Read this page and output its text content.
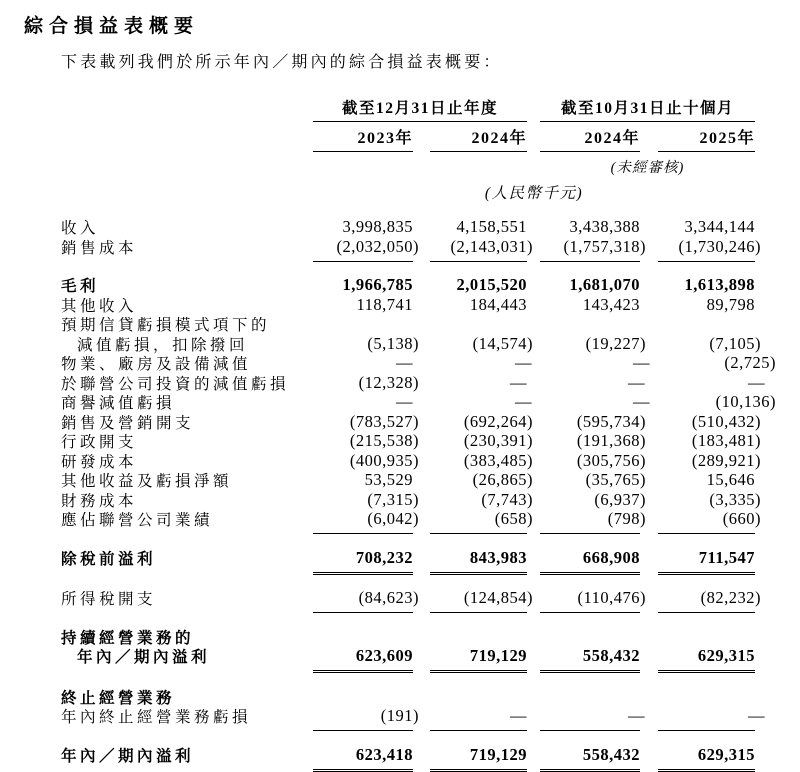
綜合損益表概要

下表載列我們於所示年內／期內的綜合損益表概要：

截至12月31日止年度	截至10月31日止十個月
2023年	2024年	2024年	2025年
(未經審核)
(人民幣千元)
收入	3,998,835	4,158,551	3,438,388	3,344,144
銷售成本	(2,032,050)	(2,143,031)	(1,757,318)	(1,730,246)
毛利	1,966,785	2,015,520	1,681,070	1,613,898
其他收入	118,741	184,443	143,423	89,798
預期信貸虧損模式項下的
減值虧損，扣除撥回	(5,138)	(14,574)	(19,227)	(7,105)
物業、廠房及設備減值	—	—	—	(2,725)
於聯營公司投資的減值虧損	(12,328)	—	—	—
商譽減值虧損	—	—	—	(10,136)
銷售及營銷開支	(783,527)	(692,264)	(595,734)	(510,432)
行政開支	(215,538)	(230,391)	(191,368)	(183,481)
研發成本	(400,935)	(383,485)	(305,756)	(289,921)
其他收益及虧損淨額	53,529	(26,865)	(35,765)	15,646
財務成本	(7,315)	(7,743)	(6,937)	(3,335)
應佔聯營公司業績	(6,042)	(658)	(798)	(660)
除稅前溢利	708,232	843,983	668,908	711,547
所得稅開支	(84,623)	(124,854)	(110,476)	(82,232)
持續經營業務的
年內／期內溢利	623,609	719,129	558,432	629,315
終止經營業務
年內終止經營業務虧損	(191)	—	—	—
年內／期內溢利	623,418	719,129	558,432	629,315
